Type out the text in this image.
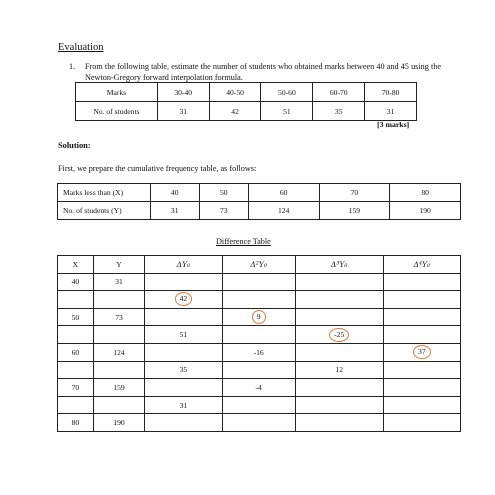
Evaluation
1. From the following table, estimate the number of students who obtained marks between 40 and 45 using the Newton-Gregory forward interpolation formula.
Marks	30-40	40-50	50-60	60-70	70-80
No. of students	31	42	51	35	31
[3 marks]
Solution:
First, we prepare the cumulative frequency table, as follows:
Marks less than (X)	40	50	60	70	80
No. of students (Y)	31	73	124	159	190
Difference Table
X	Y	ΔY₀	Δ²Y₀	Δ³Y₀	Δ⁴Y₀
40	31				
		42			
50	73		9		
		51		-25	
60	124		-16		37
		35		12	
70	159		-4		
		31			
80	190				
